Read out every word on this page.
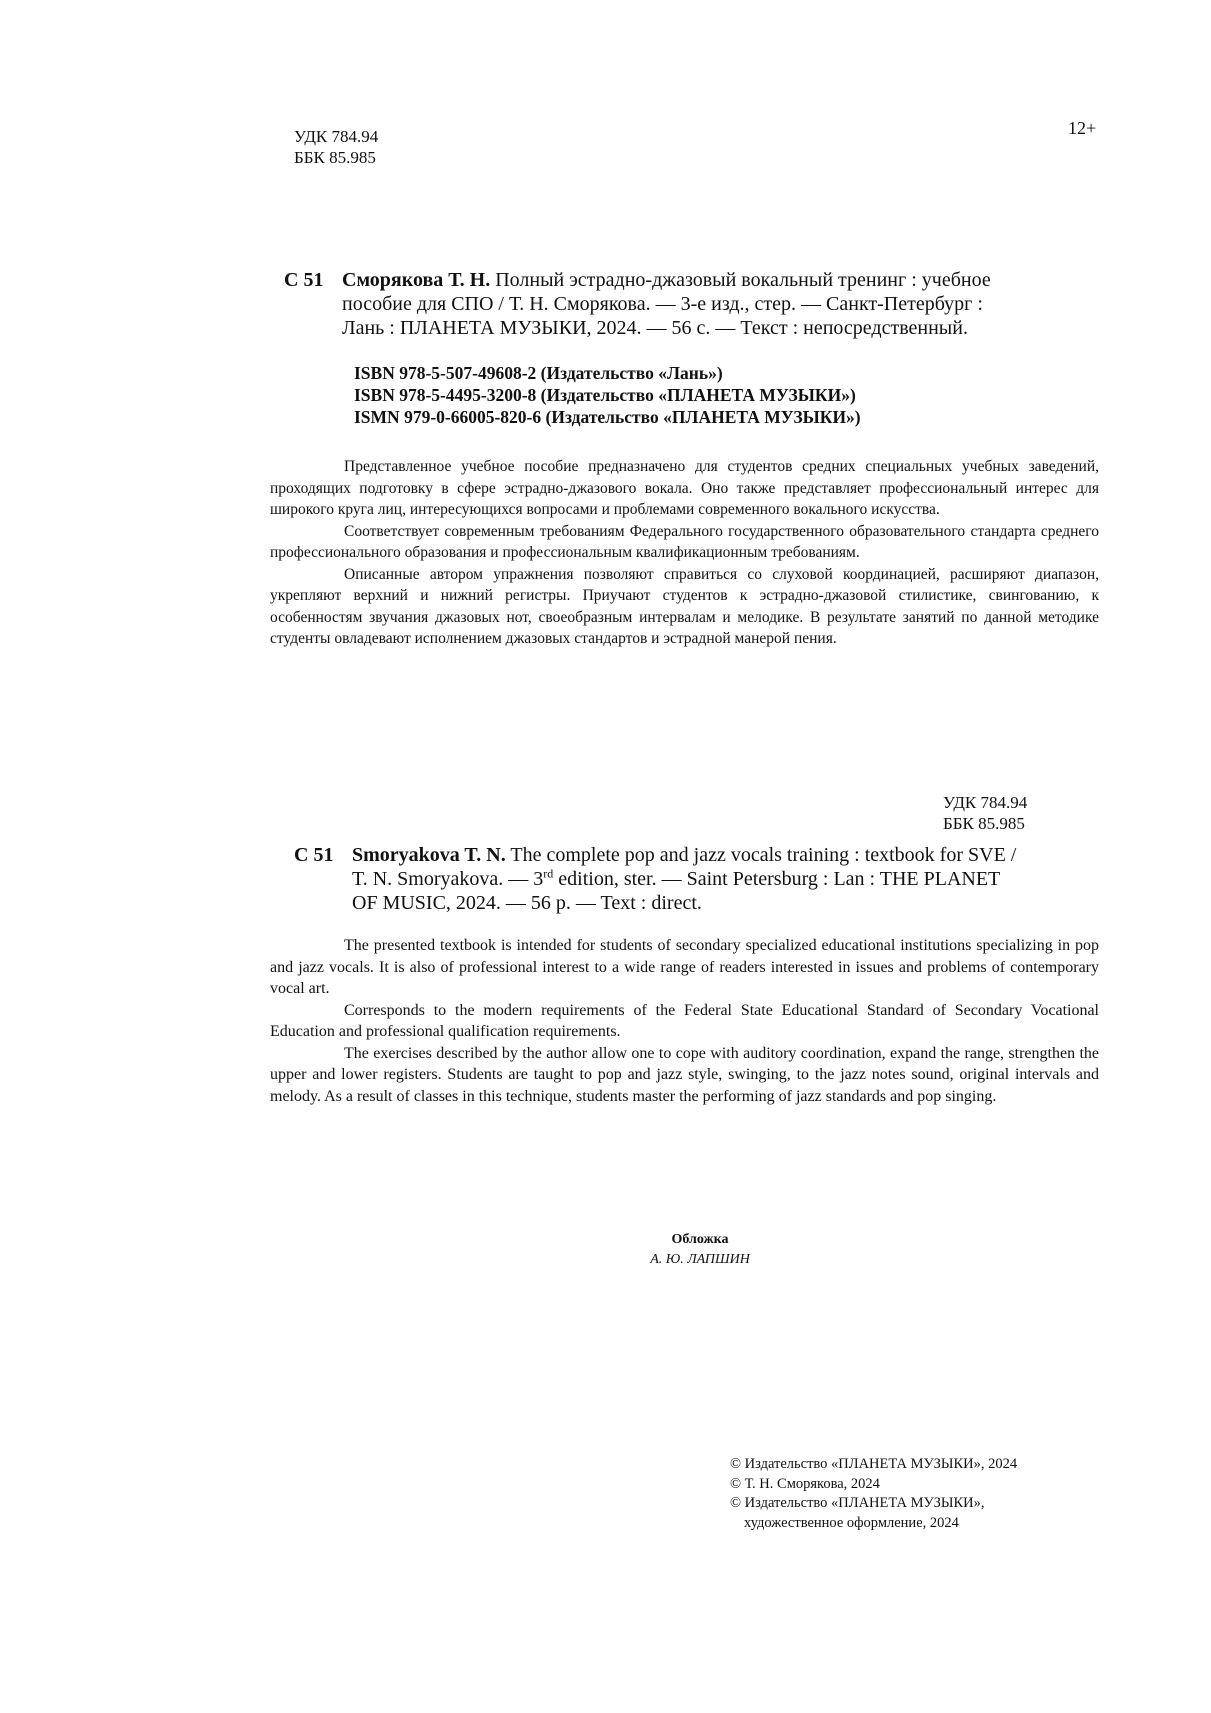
УДК 784.94
ББК 85.985
12+
С 51 Сморякова Т. Н. Полный эстрадно-джазовый вокальный тренинг : учебное
пособие для СПО / Т. Н. Сморякова. — 3-е изд., стер. — Санкт-Петербург :
Лань : ПЛАНЕТА МУЗЫКИ, 2024. — 56 с. — Текст : непосредственный.
ISBN 978-5-507-49608-2 (Издательство «Лань»)
ISBN 978-5-4495-3200-8 (Издательство «ПЛАНЕТА МУЗЫКИ»)
ISMN 979-0-66005-820-6 (Издательство «ПЛАНЕТА МУЗЫКИ»)

Представленное учебное пособие предназначено для студентов средних специальных учебных заведений, проходящих подготовку в сфере эстрадно-джазового вокала. Оно также представляет профессиональный интерес для широкого круга лиц, интересующихся вопросами и проблемами современного вокального искусства.

Соответствует современным требованиям Федерального государственного образовательного стандарта среднего профессионального образования и профессиональным квалификационным требованиям.

Описанные автором упражнения позволяют справиться со слуховой координацией, расширяют диапазон, укрепляют верхний и нижний регистры. Приучают студентов к эстрадно-джазовой стилистике, свингованию, к особенностям звучания джазовых нот, своеобразным интервалам и мелодике. В результате занятий по данной методике студенты овладевают исполнением джазовых стандартов и эстрадной манерой пения.

УДК 784.94
ББК 85.985
С 51 Smoryakova T. N. The complete pop and jazz vocals training : textbook for SVE /
T. N. Smoryakova. — 3rd edition, ster. — Saint Petersburg : Lan : THE PLANET
OF MUSIC, 2024. — 56 p. — Text : direct.

The presented textbook is intended for students of secondary specialized educational institutions specializing in pop and jazz vocals. It is also of professional interest to a wide range of readers interested in issues and problems of contemporary vocal art.

Corresponds to the modern requirements of the Federal State Educational Standard of Secondary Vocational Education and professional qualification requirements.

The exercises described by the author allow one to cope with auditory coordination, expand the range, strengthen the upper and lower registers. Students are taught to pop and jazz style, swinging, to the jazz notes sound, original intervals and melody. As a result of classes in this technique, students master the performing of jazz standards and pop singing.

Обложка
А. Ю. ЛАПШИН
© Издательство «ПЛАНЕТА МУЗЫКИ», 2024
© Т. Н. Сморякова, 2024
© Издательство «ПЛАНЕТА МУЗЫКИ»,
художественное оформление, 2024
